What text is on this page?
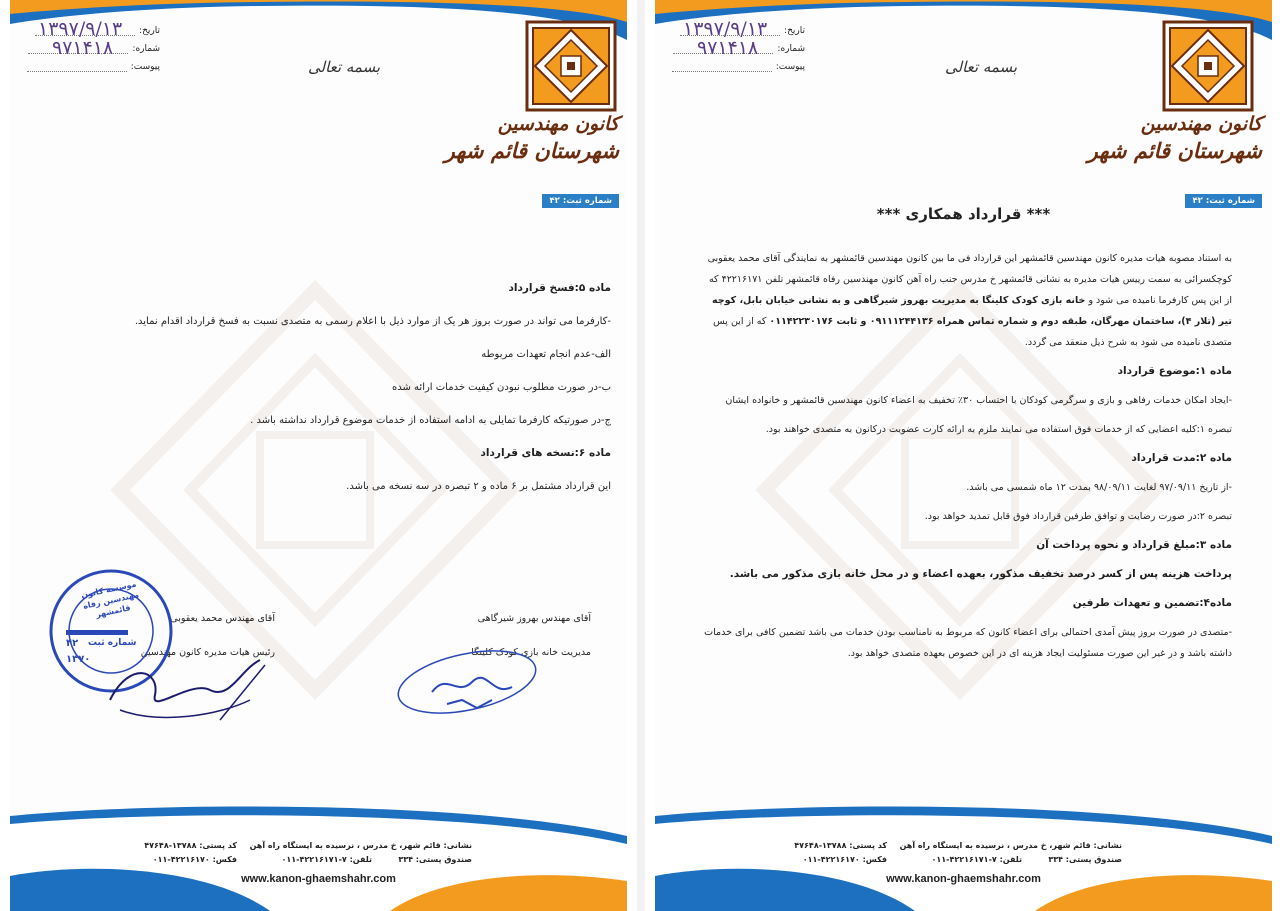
تاریخ:
شماره:
پیوست:
۱۳۹۷/۹/۱۳
۹۷۱۴۱۸
بسمه تعالی
کانون مهندسین
شهرستان قائم شهر
شماره ثبت: ۴۲

ماده ۵:فسخ قرارداد

-کارفرما می تواند در صورت بروز هر یک از موارد ذیل با اعلام رسمی به متصدی نسبت به فسخ قرارداد اقدام نماید.

الف-عدم انجام تعهدات مربوطه

ب-در صورت مطلوب نبودن کیفیت خدمات ارائه شده

ج-در صورتیکه کارفرما تمایلی به ادامه استفاده از خدمات موضوع قرارداد نداشته باشد .

ماده ۶:نسخه های قرارداد

این قرارداد مشتمل بر ۶ ماده و ۲ تبصره در سه نسخه می باشد.

آقای مهندس محمد یعقوبی
رئیس هیات مدیره کانون مهندسین
آقای مهندس بهروز شیرگاهی
مدیریت خانه بازی کودک کلینگا
موسسه کانون مهندسین رفاه قائمشهر
شماره ثبت
۴۲
۱۳۷۰
نشانی: قائم شهر، خ مدرس ، نرسیده به ایستگاه راه آهن
صندوق پستی: ۳۳۴
تلفن: ۷-۴۲۲۱۶۱۷۱-۰۱۱
کد پستی: ۱۳۷۸۸-۴۷۶۴۸
فکس: ۴۲۲۱۶۱۷۰-۰۱۱
www.kanon-ghaemshahr.com
تاریخ:
شماره:
پیوست:
۱۳۹۷/۹/۱۳
۹۷۱۴۱۸
بسمه تعالی
کانون مهندسین
شهرستان قائم شهر
شماره ثبت: ۴۲
*** قرارداد همکاری ***

به استناد مصوبه هیات مدیره کانون مهندسین قائمشهر این قرارداد فی ما بین کانون مهندسین قائمشهر به نمایندگی آقای محمد یعقوبی کوچکسرائی به سمت رییس هیات مدیره به نشانی قائمشهر خ مدرس جنب راه آهن کانون مهندسین رفاه قائمشهر تلفن ۴۲۲۱۶۱۷۱ که از این پس کارفرما نامیده می شود و خانه بازی کودک کلینگا به مدیریت بهروز شیرگاهی و به نشانی خیابان بابل، کوچه تیر (تلار ۴)، ساختمان مهرگان، طبقه دوم و شماره تماس همراه ۰۹۱۱۱۲۴۴۱۳۶ و ثابت ۰۱۱۴۲۲۳۰۱۷۶ که از این پس متصدی نامیده می شود به شرح ذیل منعقد می گردد.

ماده ۱:موضوع قرارداد

-ایجاد امکان خدمات رفاهی و بازی و سرگرمی کودکان با احتساب ۳۰٪ تخفیف به اعضاء کانون مهندسین قائمشهر و خانواده ایشان

تبصره ۱:کلیه اعضایی که از خدمات فوق استفاده می نمایند ملزم به ارائه کارت عضویت درکانون به متصدی خواهند بود.

ماده ۲:مدت قرارداد

-از تاریخ ۹۷/۰۹/۱۱ لغایت ۹۸/۰۹/۱۱ بمدت ۱۲ ماه شمسی می باشد.

تبصره ۲:در صورت رضایت و توافق طرفین قرارداد فوق قابل تمدید خواهد بود.

ماده ۳:مبلغ قرارداد و نحوه پرداخت آن

پرداخت هزینه پس از کسر درصد تخفیف مذکور، بعهده اعضاء و در محل خانه بازی مذکور می باشد.

ماده۴:تضمین و تعهدات طرفین

-متصدی در صورت بروز پیش آمدی احتمالی برای اعضاء کانون که مربوط به نامناسب بودن خدمات می باشد تضمین کافی برای خدمات داشته باشد و در غیر این صورت مسئولیت ایجاد هزینه ای در این خصوص بعهده متصدی خواهد بود.

نشانی: قائم شهر، خ مدرس ، نرسیده به ایستگاه راه آهن
صندوق پستی: ۳۳۴
تلفن: ۷-۴۲۲۱۶۱۷۱-۰۱۱
کد پستی: ۱۳۷۸۸-۴۷۶۴۸
فکس: ۴۲۲۱۶۱۷۰-۰۱۱
www.kanon-ghaemshahr.com
